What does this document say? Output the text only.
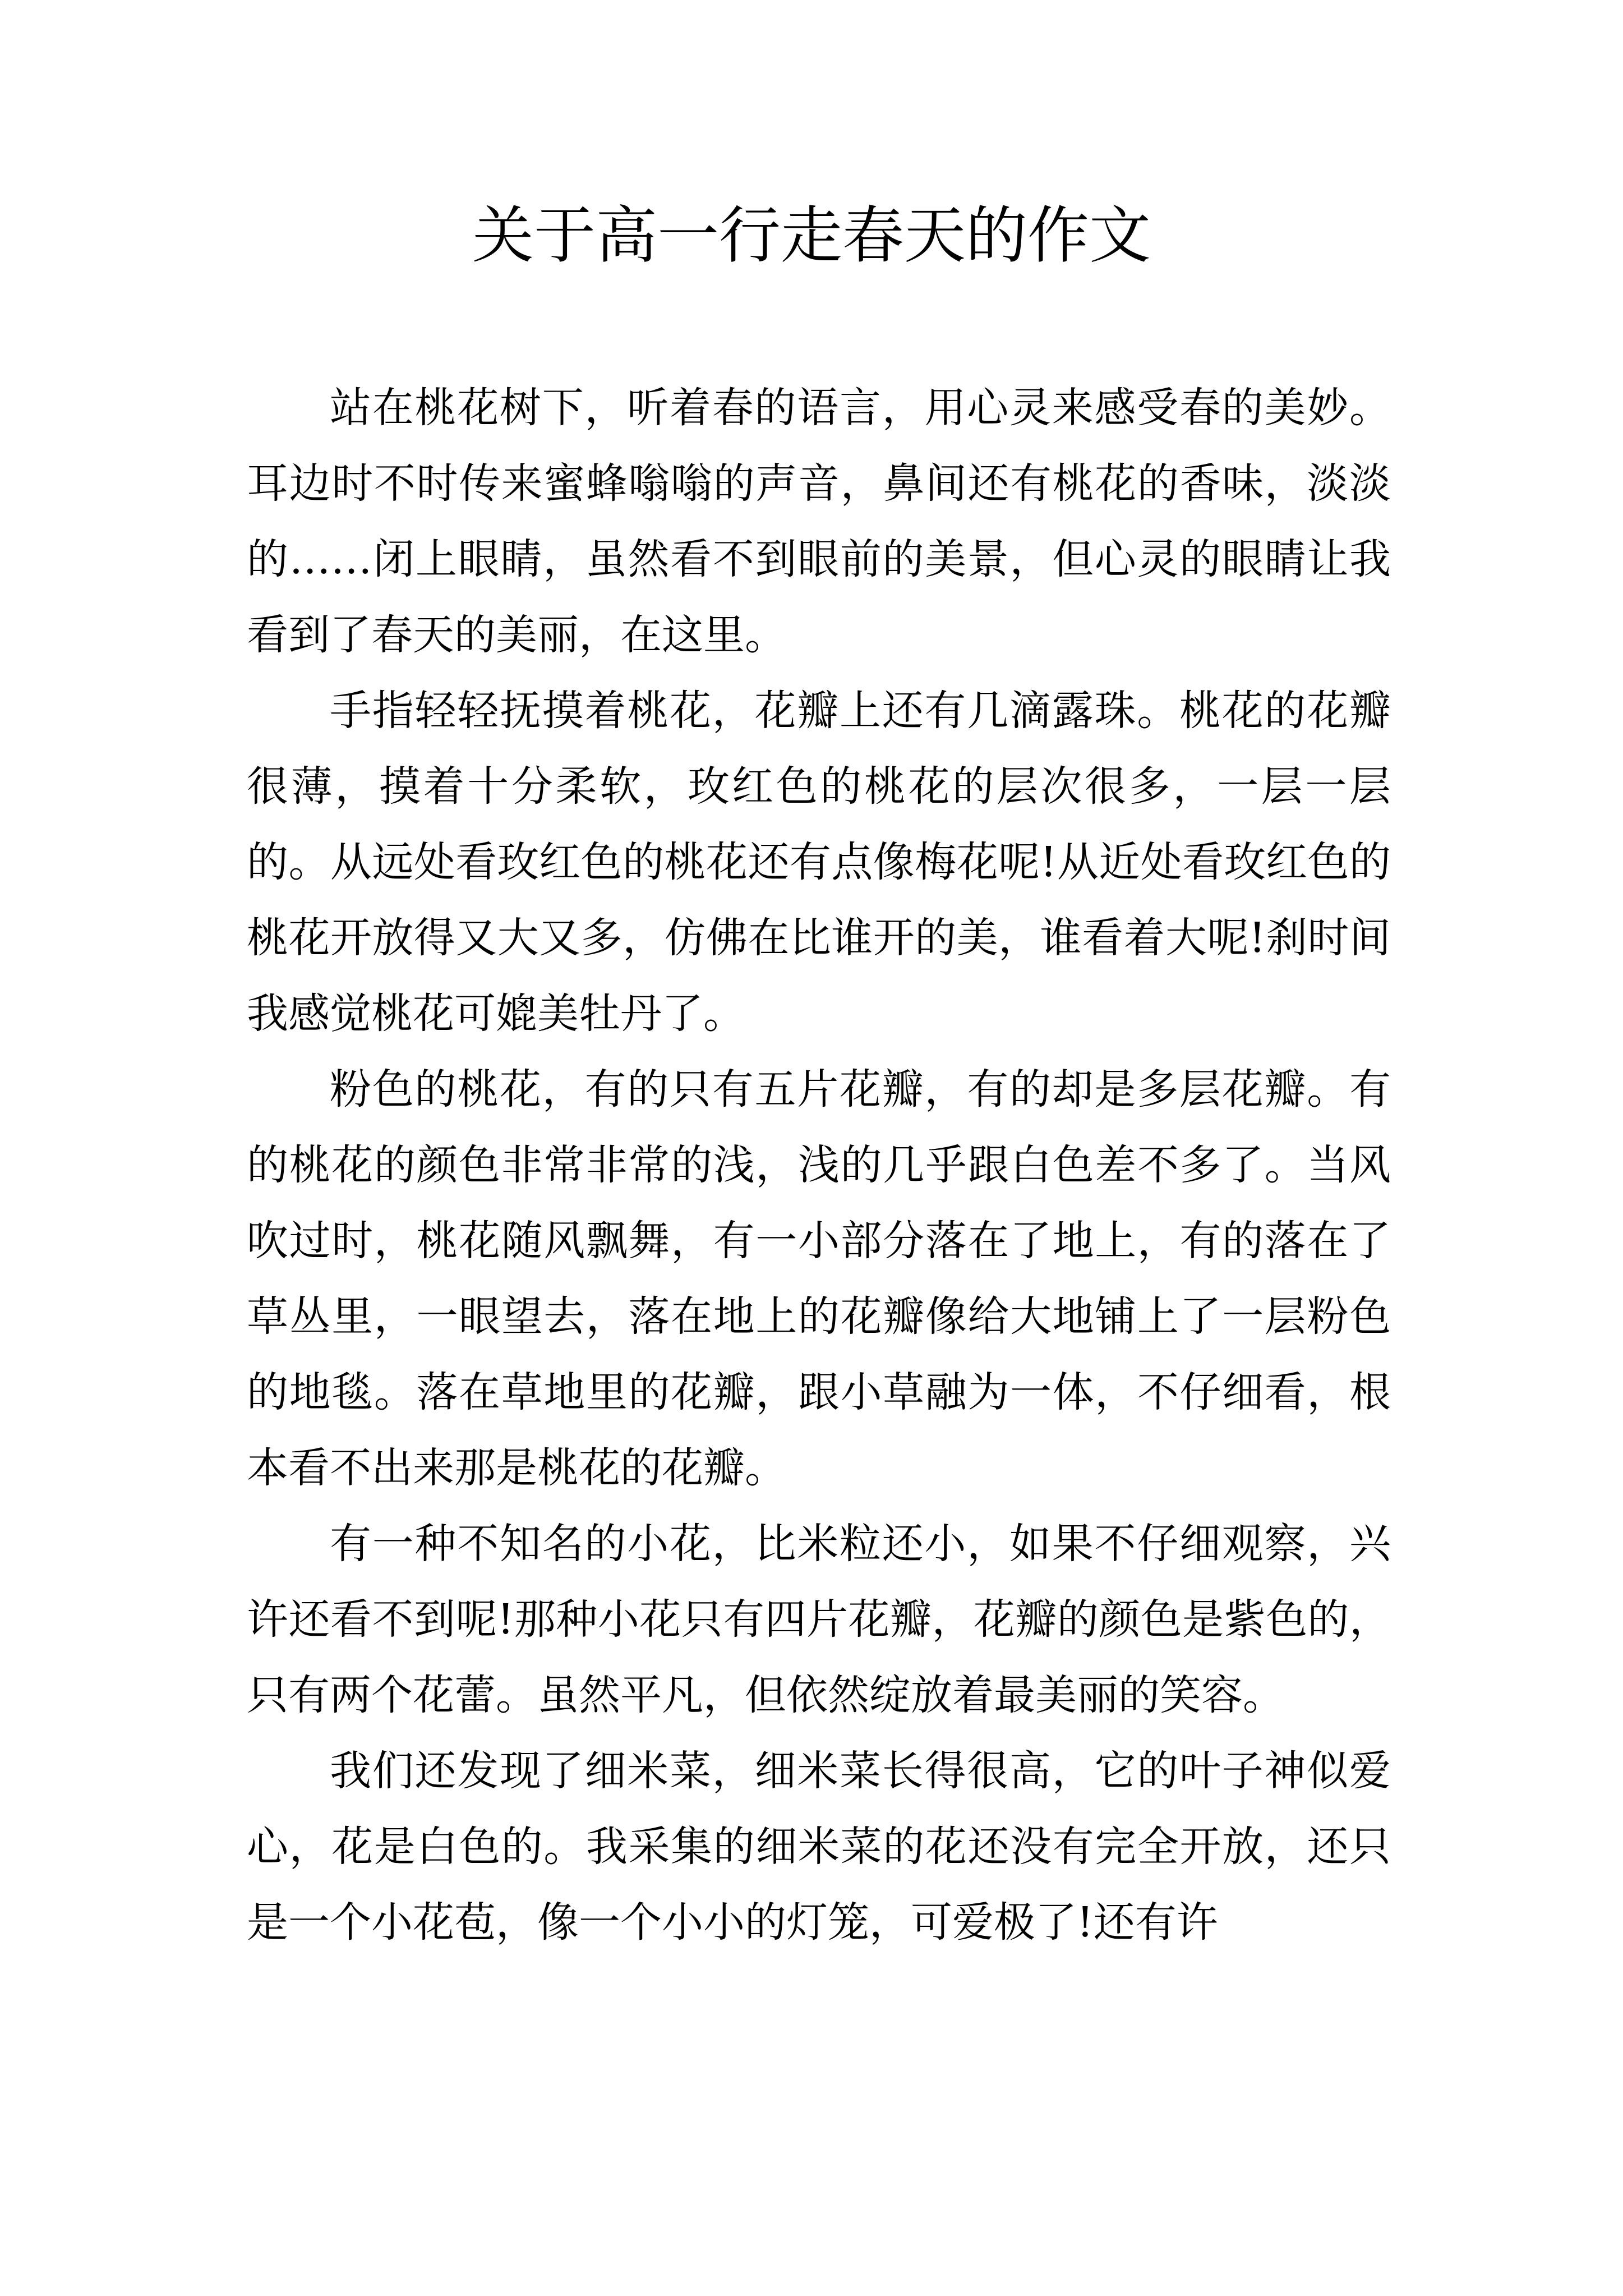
关于高一行走春天的作文

站在桃花树下，听着春的语言，用心灵来感受春的美妙。耳边时不时传来蜜蜂嗡嗡的声音，鼻间还有桃花的香味，淡淡的……闭上眼睛，虽然看不到眼前的美景，但心灵的眼睛让我看到了春天的美丽，在这里。

手指轻轻抚摸着桃花，花瓣上还有几滴露珠。桃花的花瓣很薄，摸着十分柔软，玫红色的桃花的层次很多，一层一层的。从远处看玫红色的桃花还有点像梅花呢!从近处看玫红色的桃花开放得又大又多，仿佛在比谁开的美，谁看着大呢!刹时间我感觉桃花可媲美牡丹了。

粉色的桃花，有的只有五片花瓣，有的却是多层花瓣。有的桃花的颜色非常非常的浅，浅的几乎跟白色差不多了。当风吹过时，桃花随风飘舞，有一小部分落在了地上，有的落在了草丛里，一眼望去，落在地上的花瓣像给大地铺上了一层粉色的地毯。落在草地里的花瓣，跟小草融为一体，不仔细看，根本看不出来那是桃花的花瓣。

有一种不知名的小花，比米粒还小，如果不仔细观察，兴许还看不到呢!那种小花只有四片花瓣，花瓣的颜色是紫色的，只有两个花蕾。虽然平凡，但依然绽放着最美丽的笑容。

我们还发现了细米菜，细米菜长得很高，它的叶子神似爱心，花是白色的。我采集的细米菜的花还没有完全开放，还只是一个小花苞，像一个小小的灯笼，可爱极了!还有许
